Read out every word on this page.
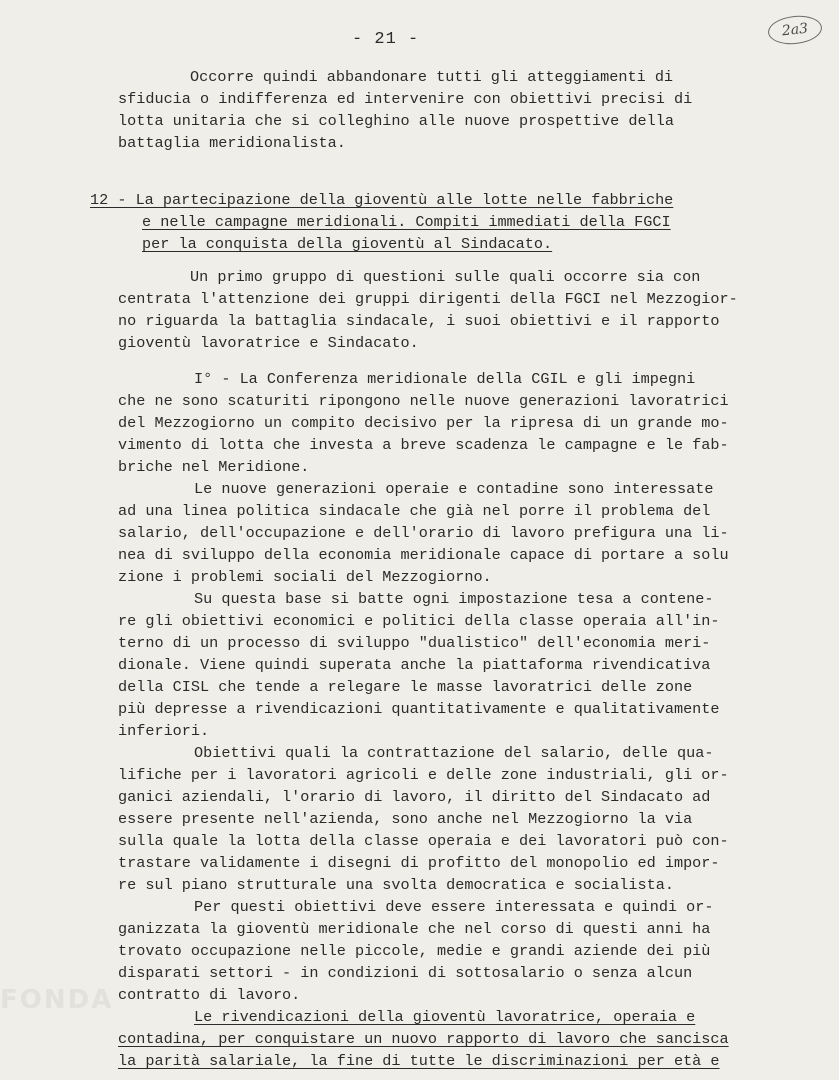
FONDA
- 21 -	2a3
Occorre quindi abbandonare tutti gli atteggiamenti di
sfiducia o indifferenza ed intervenire con obiettivi precisi di
lotta unitaria che si colleghino alle nuove prospettive della
battaglia meridionalista.
12 - La partecipazione della gioventù alle lotte nelle fabbriche
e nelle campagne meridionali. Compiti immediati della FGCI
per la conquista della gioventù al Sindacato.
Un primo gruppo di questioni sulle quali occorre sia con
centrata l'attenzione dei gruppi dirigenti della FGCI nel Mezzogior-
no riguarda la battaglia sindacale, i suoi obiettivi e il rapporto
gioventù lavoratrice e Sindacato.
I° - La Conferenza meridionale della CGIL e gli impegni
che ne sono scaturiti ripongono nelle nuove generazioni lavoratrici
del Mezzogiorno un compito decisivo per la ripresa di un grande mo-
vimento di lotta che investa a breve scadenza le campagne e le fab-
briche nel Meridione.
Le nuove generazioni operaie e contadine sono interessate
ad una linea politica sindacale che già nel porre il problema del
salario, dell'occupazione e dell'orario di lavoro prefigura una li-
nea di sviluppo della economia meridionale capace di portare a solu
zione i problemi sociali del Mezzogiorno.
Su questa base si batte ogni impostazione tesa a contene-
re gli obiettivi economici e politici della classe operaia all'in-
terno di un processo di sviluppo "dualistico" dell'economia meri-
dionale. Viene quindi superata anche la piattaforma rivendicativa
della CISL che tende a relegare le masse lavoratrici delle zone
più depresse a rivendicazioni quantitativamente e qualitativamente
inferiori.
Obiettivi quali la contrattazione del salario, delle qua-
lifiche per i lavoratori agricoli e delle zone industriali, gli or-
ganici aziendali, l'orario di lavoro, il diritto del Sindacato ad
essere presente nell'azienda, sono anche nel Mezzogiorno la via
sulla quale la lotta della classe operaia e dei lavoratori può con-
trastare validamente i disegni di profitto del monopolio ed impor-
re sul piano strutturale una svolta democratica e socialista.
Per questi obiettivi deve essere interessata e quindi or-
ganizzata la gioventù meridionale che nel corso di questi anni ha
trovato occupazione nelle piccole, medie e grandi aziende dei più
disparati settori - in condizioni di sottosalario o senza alcun
contratto di lavoro.
Le rivendicazioni della gioventù lavoratrice, operaia e
contadina, per conquistare un nuovo rapporto di lavoro che sancisca
la parità salariale, la fine di tutte le discriminazioni per età e
